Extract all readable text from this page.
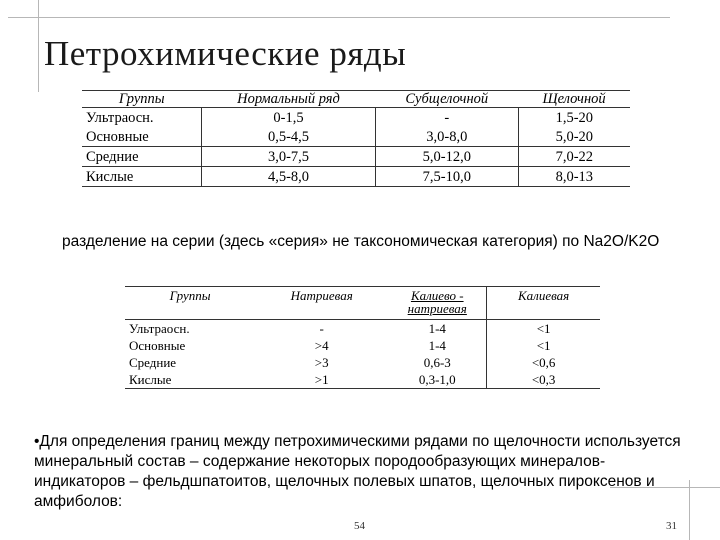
Петрохимические ряды
Группы	Нормальный ряд	Субщелочной	Щелочной
Ультраосн.	0-1,5	-	1,5-20
Основные	0,5-4,5	3,0-8,0	5,0-20
Средние	3,0-7,5	5,0-12,0	7,0-22
Кислые	4,5-8,0	7,5-10,0	8,0-13

разделение на серии (здесь «серия» не таксономическая категория) по Na2O/K2O

Группы	Натриевая	Калиево - натриевая	Калиевая
Ультраосн.	-	1-4	<1
Основные	>4	1-4	<1
Средние	>3	0,6-3	<0,6
Кислые	>1	0,3-1,0	<0,3

•Для определения границ между петрохимическими рядами по щелочности используется минеральный состав – содержание некоторых породообразующих минералов-индикаторов – фельдшпатоитов, щелочных полевых шпатов, щелочных пироксенов и амфиболов:

54	31
